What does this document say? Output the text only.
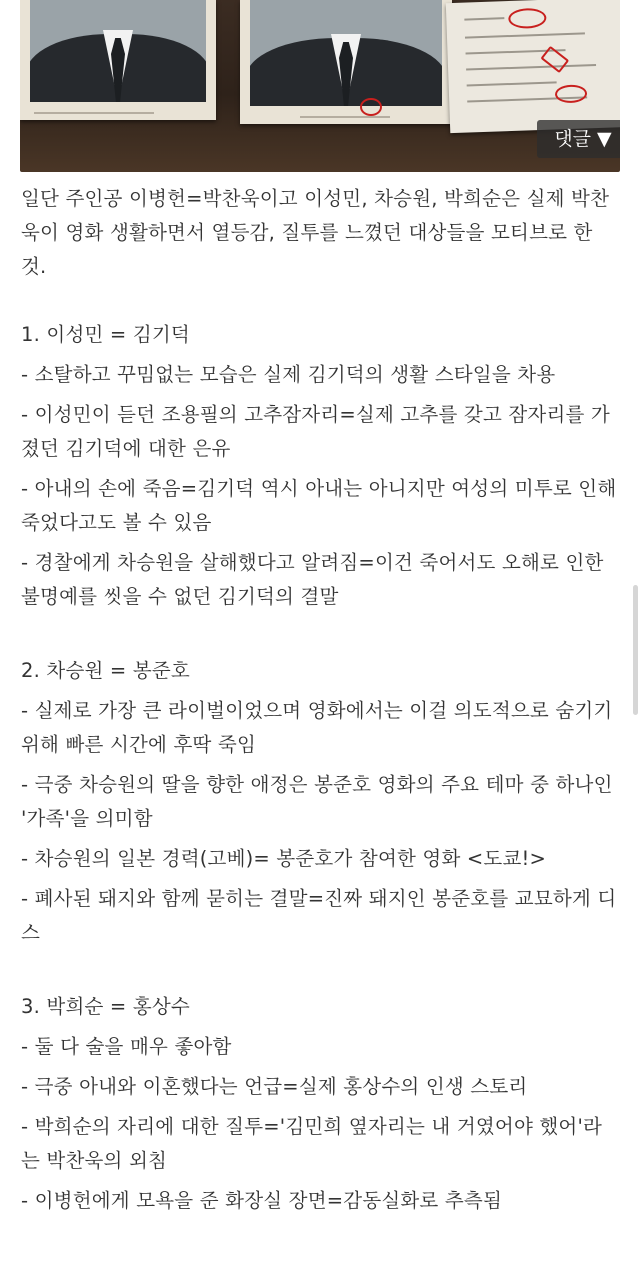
댓글 ▼

일단 주인공 이병헌=박찬욱이고 이성민, 차승원, 박희순은 실제 박찬욱이 영화 생활하면서 열등감, 질투를 느꼈던 대상들을 모티브로 한 것.

1. 이성민 = 김기덕

- 소탈하고 꾸밈없는 모습은 실제 김기덕의 생활 스타일을 차용

- 이성민이 듣던 조용필의 고추잠자리=실제 고추를 갖고 잠자리를 가졌던 김기덕에 대한 은유

- 아내의 손에 죽음=김기덕 역시 아내는 아니지만 여성의 미투로 인해 죽었다고도 볼 수 있음

- 경찰에게 차승원을 살해했다고 알려짐=이건 죽어서도 오해로 인한 불명예를 씻을 수 없던 김기덕의 결말

2. 차승원 = 봉준호

- 실제로 가장 큰 라이벌이었으며 영화에서는 이걸 의도적으로 숨기기 위해 빠른 시간에 후딱 죽임

- 극중 차승원의 딸을 향한 애정은 봉준호 영화의 주요 테마 중 하나인 '가족'을 의미함

- 차승원의 일본 경력(고베)= 봉준호가 참여한 영화 <도쿄!>

- 폐사된 돼지와 함께 묻히는 결말=진짜 돼지인 봉준호를 교묘하게 디스

3. 박희순 = 홍상수

- 둘 다 술을 매우 좋아함

- 극중 아내와 이혼했다는 언급=실제 홍상수의 인생 스토리

- 박희순의 자리에 대한 질투='김민희 옆자리는 내 거였어야 했어'라는 박찬욱의 외침

- 이병헌에게 모욕을 준 화장실 장면=감동실화로 추측됨
